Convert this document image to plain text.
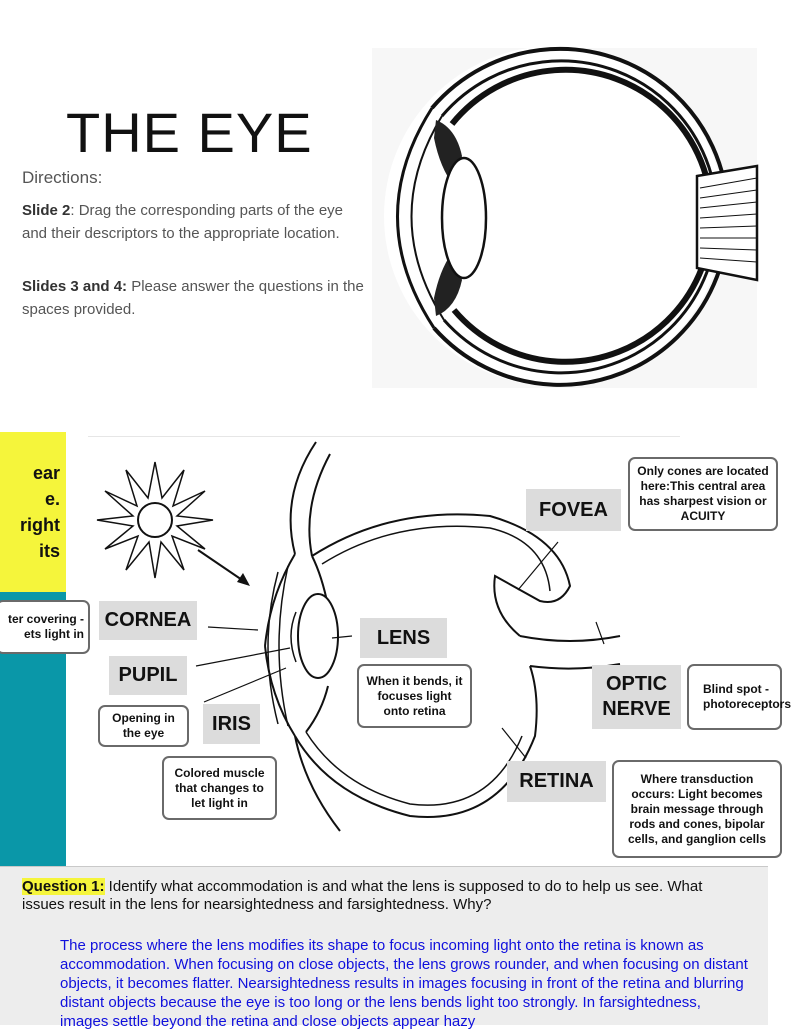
THE EYE
Directions:
Slide 2: Drag the corresponding parts of the eye and their descriptors to the appropriate location.
Slides 3 and 4: Please answer the questions in the spaces provided.
ear
e.
right
its
CORNEA
PUPIL
IRIS
LENS
FOVEA
OPTIC NERVE
RETINA
ter covering - ets light in
Opening in the eye
Colored muscle that changes to let light in
When it bends, it focuses light onto retina
Only cones are located here:This central area has sharpest vision or ACUITY
Blind spot - photoreceptors
Where transduction occurs: Light becomes brain message through rods and cones, bipolar cells, and ganglion cells
Question 1: Identify what accommodation is and what the lens is supposed to do to help us see. What issues result in the lens for nearsightedness and farsightedness. Why?
The process where the lens modifies its shape to focus incoming light onto the retina is known as accommodation. When focusing on close objects, the lens grows rounder, and when focusing on distant objects, it becomes flatter. Nearsightedness results in images focusing in front of the retina and blurring distant objects because the eye is too long or the lens bends light too strongly. In farsightedness, images settle beyond the retina and close objects appear hazy
